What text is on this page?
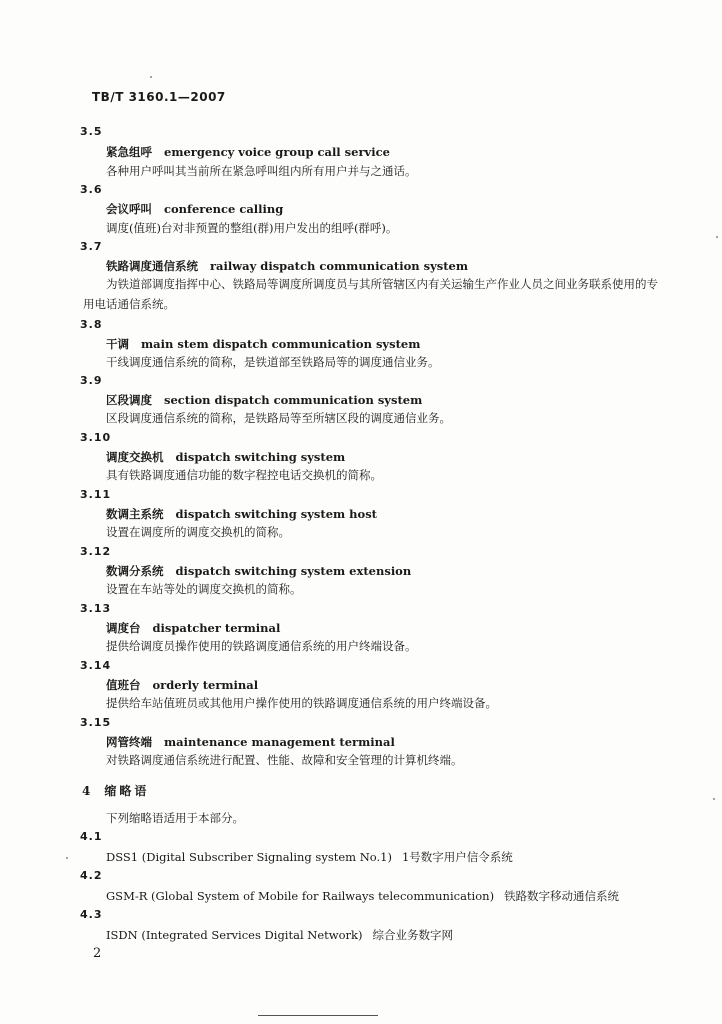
TB/T 3160.1—2007
3.5
紧急组呼 emergency voice group call service
各种用户呼叫其当前所在紧急呼叫组内所有用户并与之通话。
3.6
会议呼叫 conference calling
调度(值班)台对非预置的整组(群)用户发出的组呼(群呼)。
3.7
铁路调度通信系统 railway dispatch communication system
为铁道部调度指挥中心、铁路局等调度所调度员与其所管辖区内有关运输生产作业人员之间业务联系使用的专用电话通信系统。
3.8
干调 main stem dispatch communication system
干线调度通信系统的简称，是铁道部至铁路局等的调度通信业务。
3.9
区段调度 section dispatch communication system
区段调度通信系统的简称，是铁路局等至所辖区段的调度通信业务。
3.10
调度交换机 dispatch switching system
具有铁路调度通信功能的数字程控电话交换机的简称。
3.11
数调主系统 dispatch switching system host
设置在调度所的调度交换机的简称。
3.12
数调分系统 dispatch switching system extension
设置在车站等处的调度交换机的简称。
3.13
调度台 dispatcher terminal
提供给调度员操作使用的铁路调度通信系统的用户终端设备。
3.14
值班台 orderly terminal
提供给车站值班员或其他用户操作使用的铁路调度通信系统的用户终端设备。
3.15
网管终端 maintenance management terminal
对铁路调度通信系统进行配置、性能、故障和安全管理的计算机终端。
4 缩略语
下列缩略语适用于本部分。
4.1
DSS1 (Digital Subscriber Signaling system No.1) 1号数字用户信令系统
4.2
GSM-R (Global System of Mobile for Railways telecommunication) 铁路数字移动通信系统
4.3
ISDN (Integrated Services Digital Network) 综合业务数字网
2
